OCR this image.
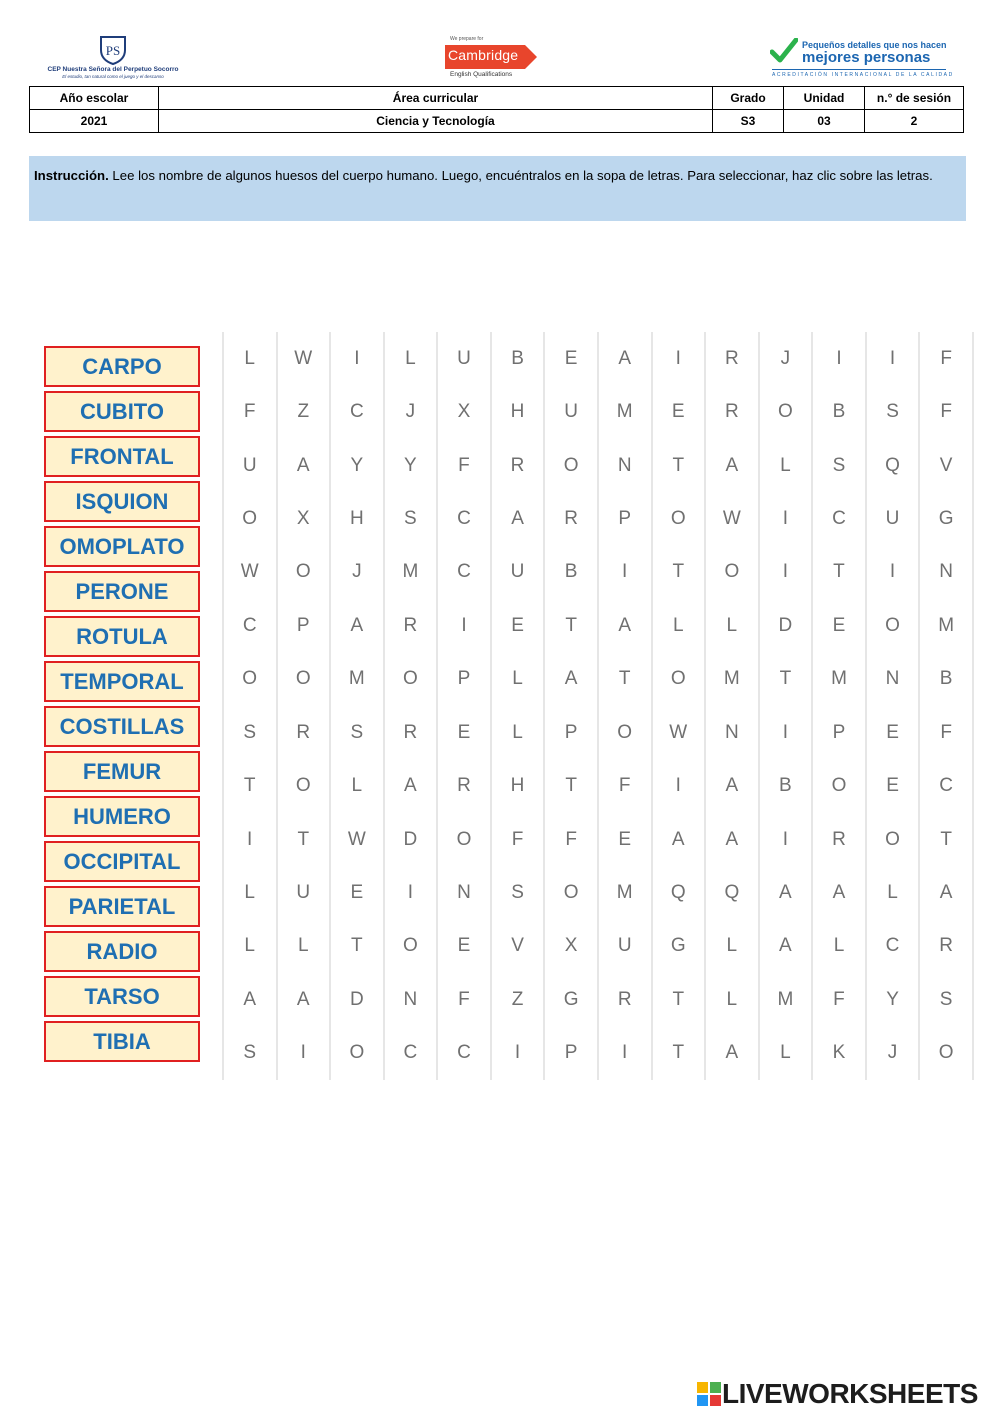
PS
CEP Nuestra Señora del Perpetuo Socorro
El estudio, tan natural como el juego y el descanso
We prepare for
Cambridge
English Qualifications
Pequeños detalles que nos hacen
mejores personas
ACREDITACIÓN INTERNACIONAL DE LA CALIDAD
Año escolar	Área curricular	Grado	Unidad	n.° de sesión
2021	Ciencia y Tecnología	S3	03	2
Instrucción. Lee los nombre de algunos huesos del cuerpo humano. Luego, encuéntralos en la sopa de letras. Para seleccionar, haz clic sobre las letras.
CARPO
CUBITO
FRONTAL
ISQUION
OMOPLATO
PERONE
ROTULA
TEMPORAL
COSTILLAS
FEMUR
HUMERO
OCCIPITAL
PARIETAL
RADIO
TARSO
TIBIA
L	W	I	L	U	B	E	A	I	R	J	I	I	F
F	Z	C	J	X	H	U	M	E	R	O	B	S	F
U	A	Y	Y	F	R	O	N	T	A	L	S	Q	V
O	X	H	S	C	A	R	P	O	W	I	C	U	G
W	O	J	M	C	U	B	I	T	O	I	T	I	N
C	P	A	R	I	E	T	A	L	L	D	E	O	M
O	O	M	O	P	L	A	T	O	M	T	M	N	B
S	R	S	R	E	L	P	O	W	N	I	P	E	F
T	O	L	A	R	H	T	F	I	A	B	O	E	C
I	T	W	D	O	F	F	E	A	A	I	R	O	T
L	U	E	I	N	S	O	M	Q	Q	A	A	L	A
L	L	T	O	E	V	X	U	G	L	A	L	C	R
A	A	D	N	F	Z	G	R	T	L	M	F	Y	S
S	I	O	C	C	I	P	I	T	A	L	K	J	O
LIVEWORKSHEETS
